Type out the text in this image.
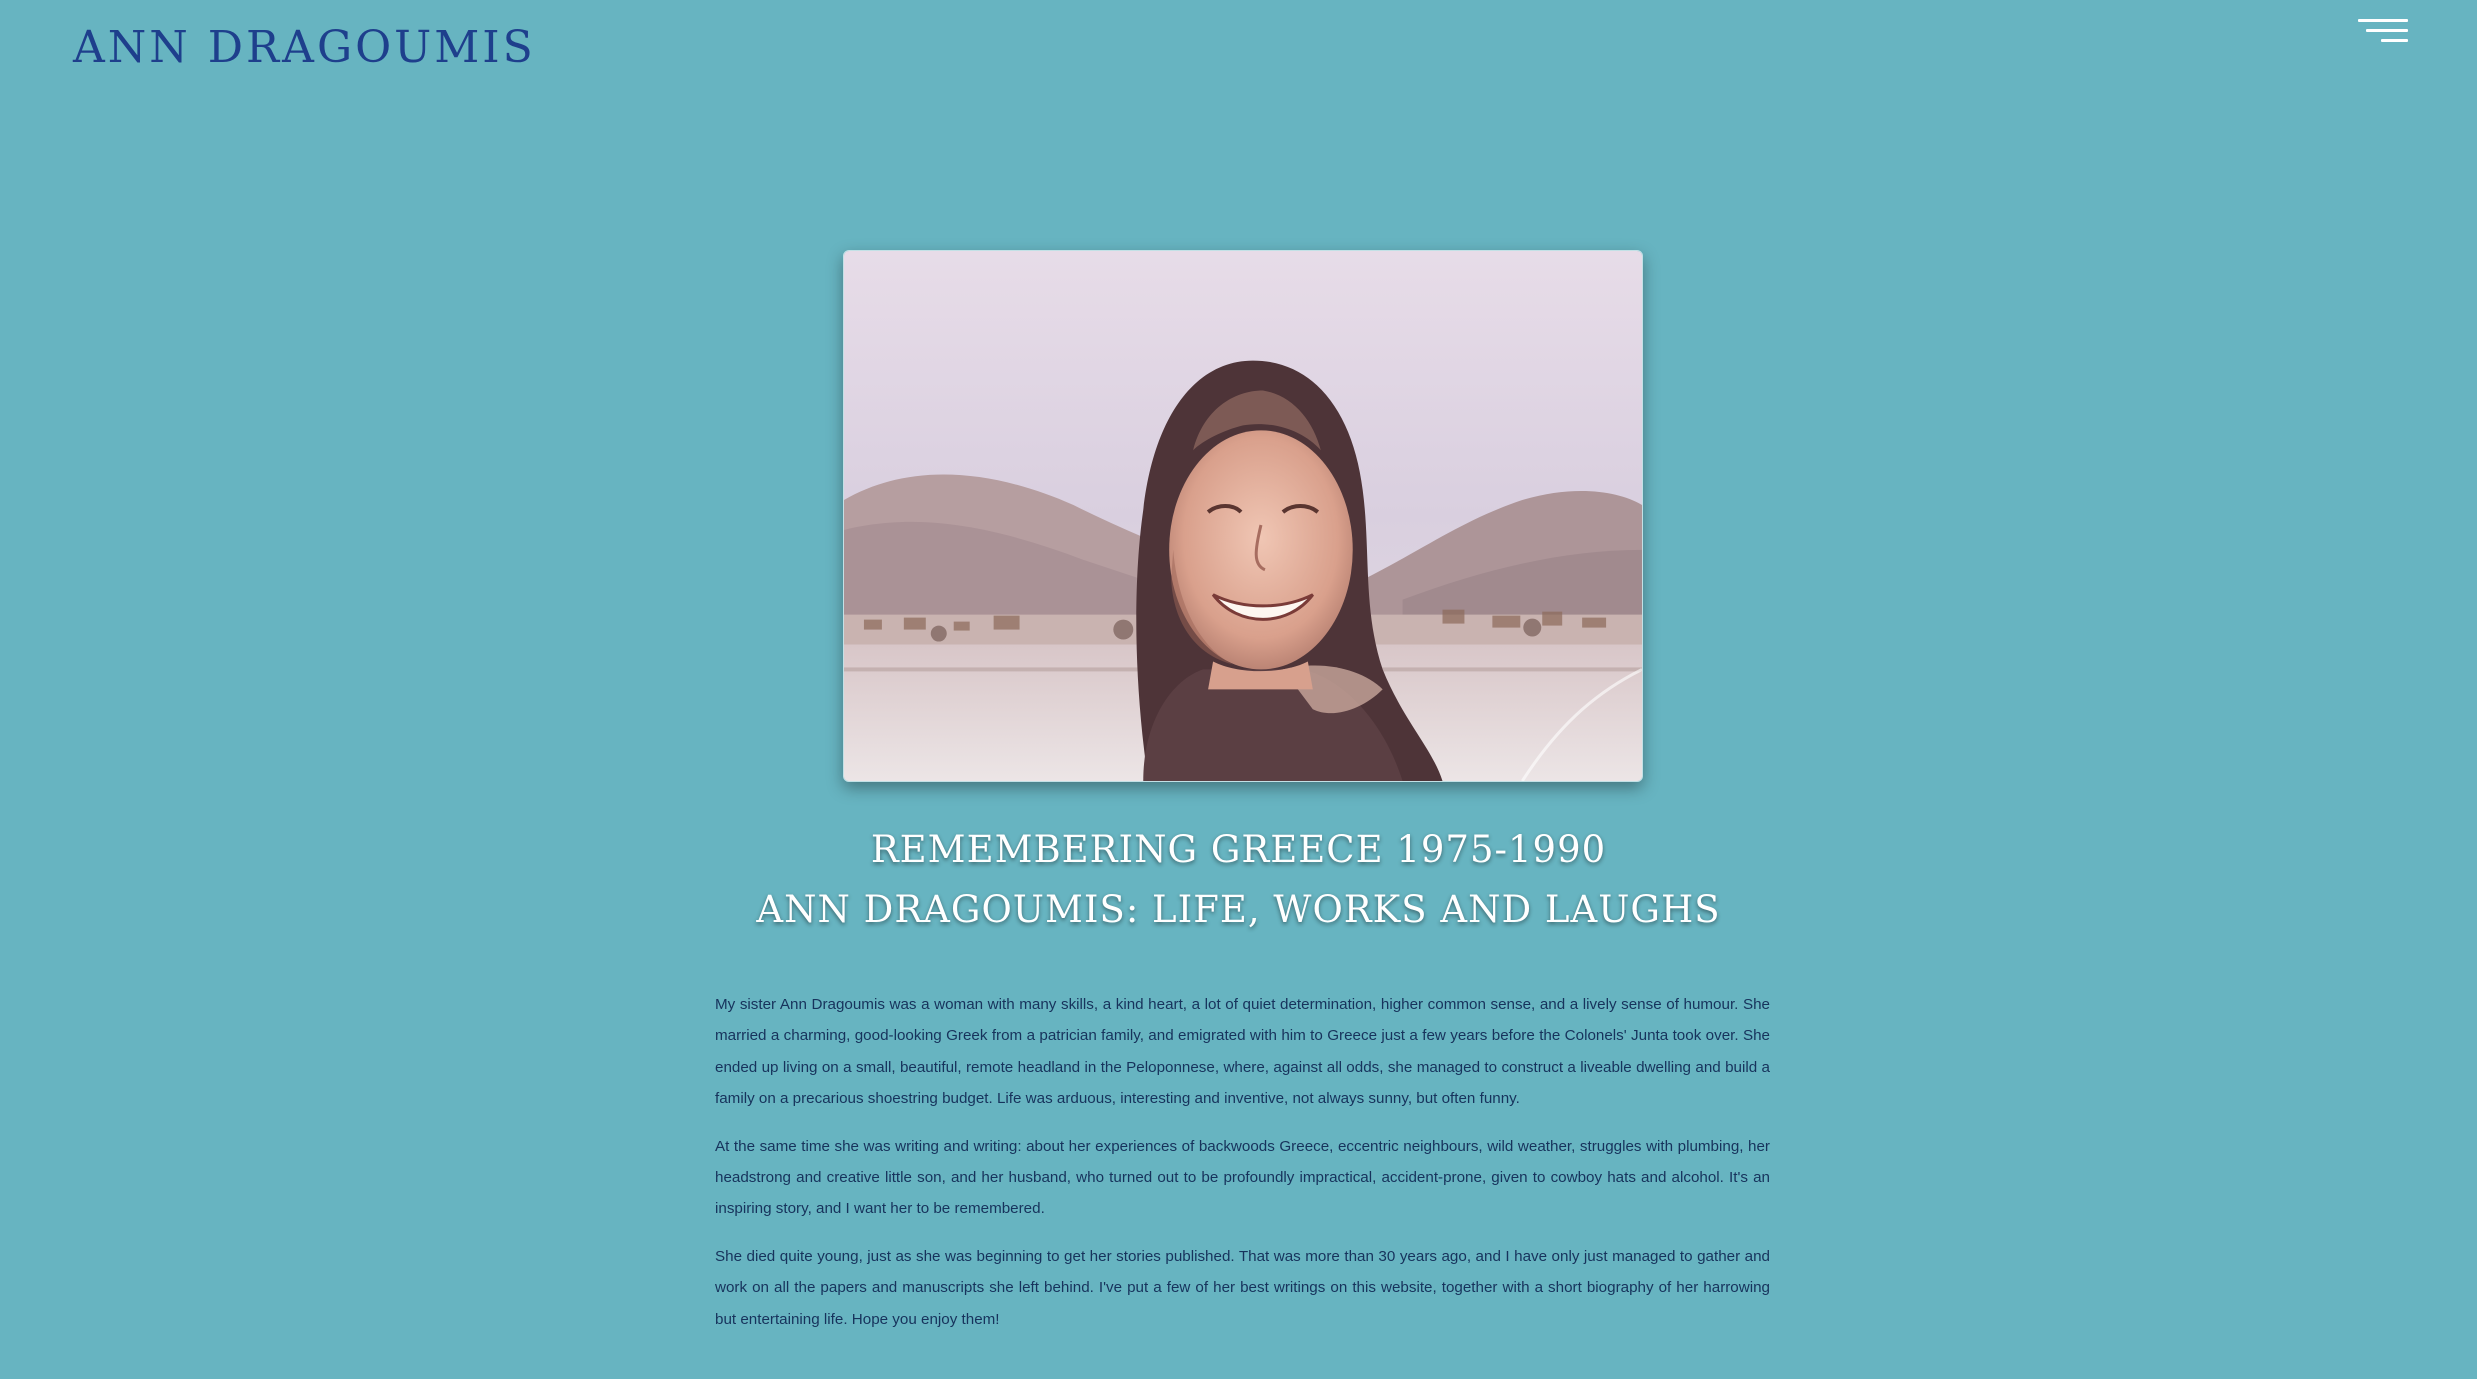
ANN DRAGOUMIS
REMEMBERING GREECE 1975-1990
ANN DRAGOUMIS: LIFE, WORKS AND LAUGHS

My sister Ann Dragoumis was a woman with many skills, a kind heart, a lot of quiet determination, higher common sense, and a lively sense of humour. She married a charming, good-looking Greek from a patrician family, and emigrated with him to Greece just a few years before the Colonels' Junta took over. She ended up living on a small, beautiful, remote headland in the Peloponnese, where, against all odds, she managed to construct a liveable dwelling and build a family on a precarious shoestring budget. Life was arduous, interesting and inventive, not always sunny, but often funny.

At the same time she was writing and writing: about her experiences of backwoods Greece, eccentric neighbours, wild weather, struggles with plumbing, her headstrong and creative little son, and her husband, who turned out to be profoundly impractical, accident-prone, given to cowboy hats and alcohol. It's an inspiring story, and I want her to be remembered.

She died quite young, just as she was beginning to get her stories published. That was more than 30 years ago, and I have only just managed to gather and work on all the papers and manuscripts she left behind. I've put a few of her best writings on this website, together with a short biography of her harrowing but entertaining life. Hope you enjoy them!
